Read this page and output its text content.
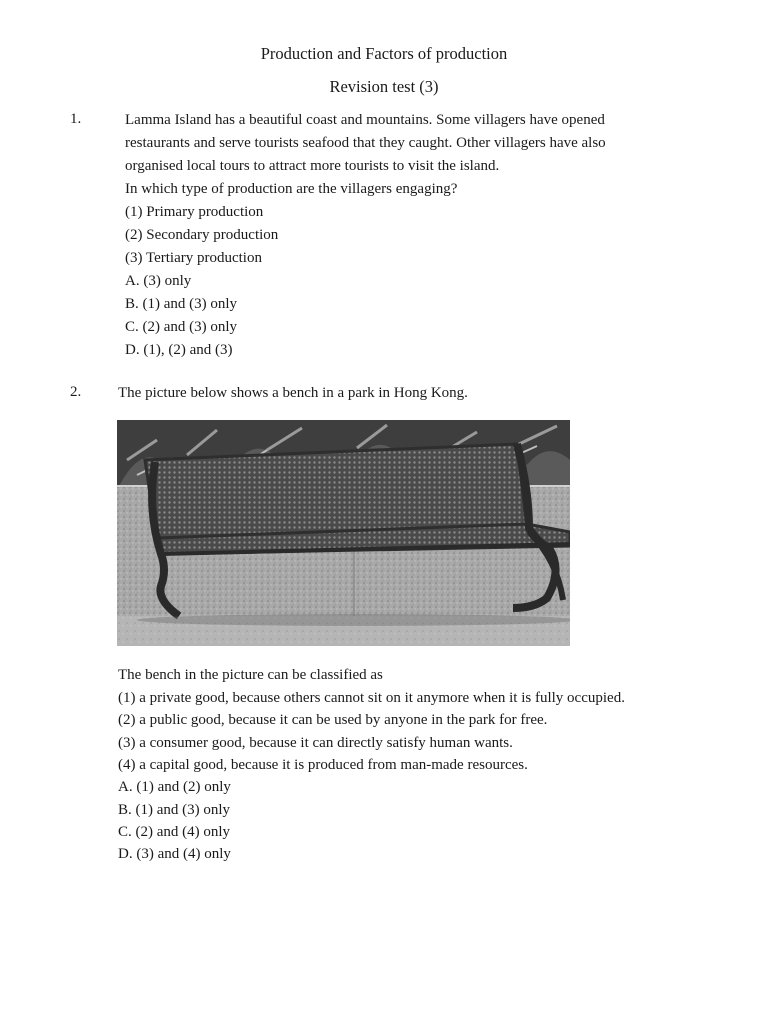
Production and Factors of production
Revision test (3)
1.	Lamma Island has a beautiful coast and mountains. Some villagers have opened
restaurants and serve tourists seafood that they caught. Other villagers have also
organised local tours to attract more tourists to visit the island.
In which type of production are the villagers engaging?
(1) Primary production
(2) Secondary production
(3) Tertiary production
A. (3) only
B. (1) and (3) only
C. (2) and (3) only
D. (1), (2) and (3)
2. The picture below shows a bench in a park in Hong Kong.
The bench in the picture can be classified as
(1) a private good, because others cannot sit on it anymore when it is fully occupied.
(2) a public good, because it can be used by anyone in the park for free.
(3) a consumer good, because it can directly satisfy human wants.
(4) a capital good, because it is produced from man-made resources.
A. (1) and (2) only
B. (1) and (3) only
C. (2) and (4) only
D. (3) and (4) only
